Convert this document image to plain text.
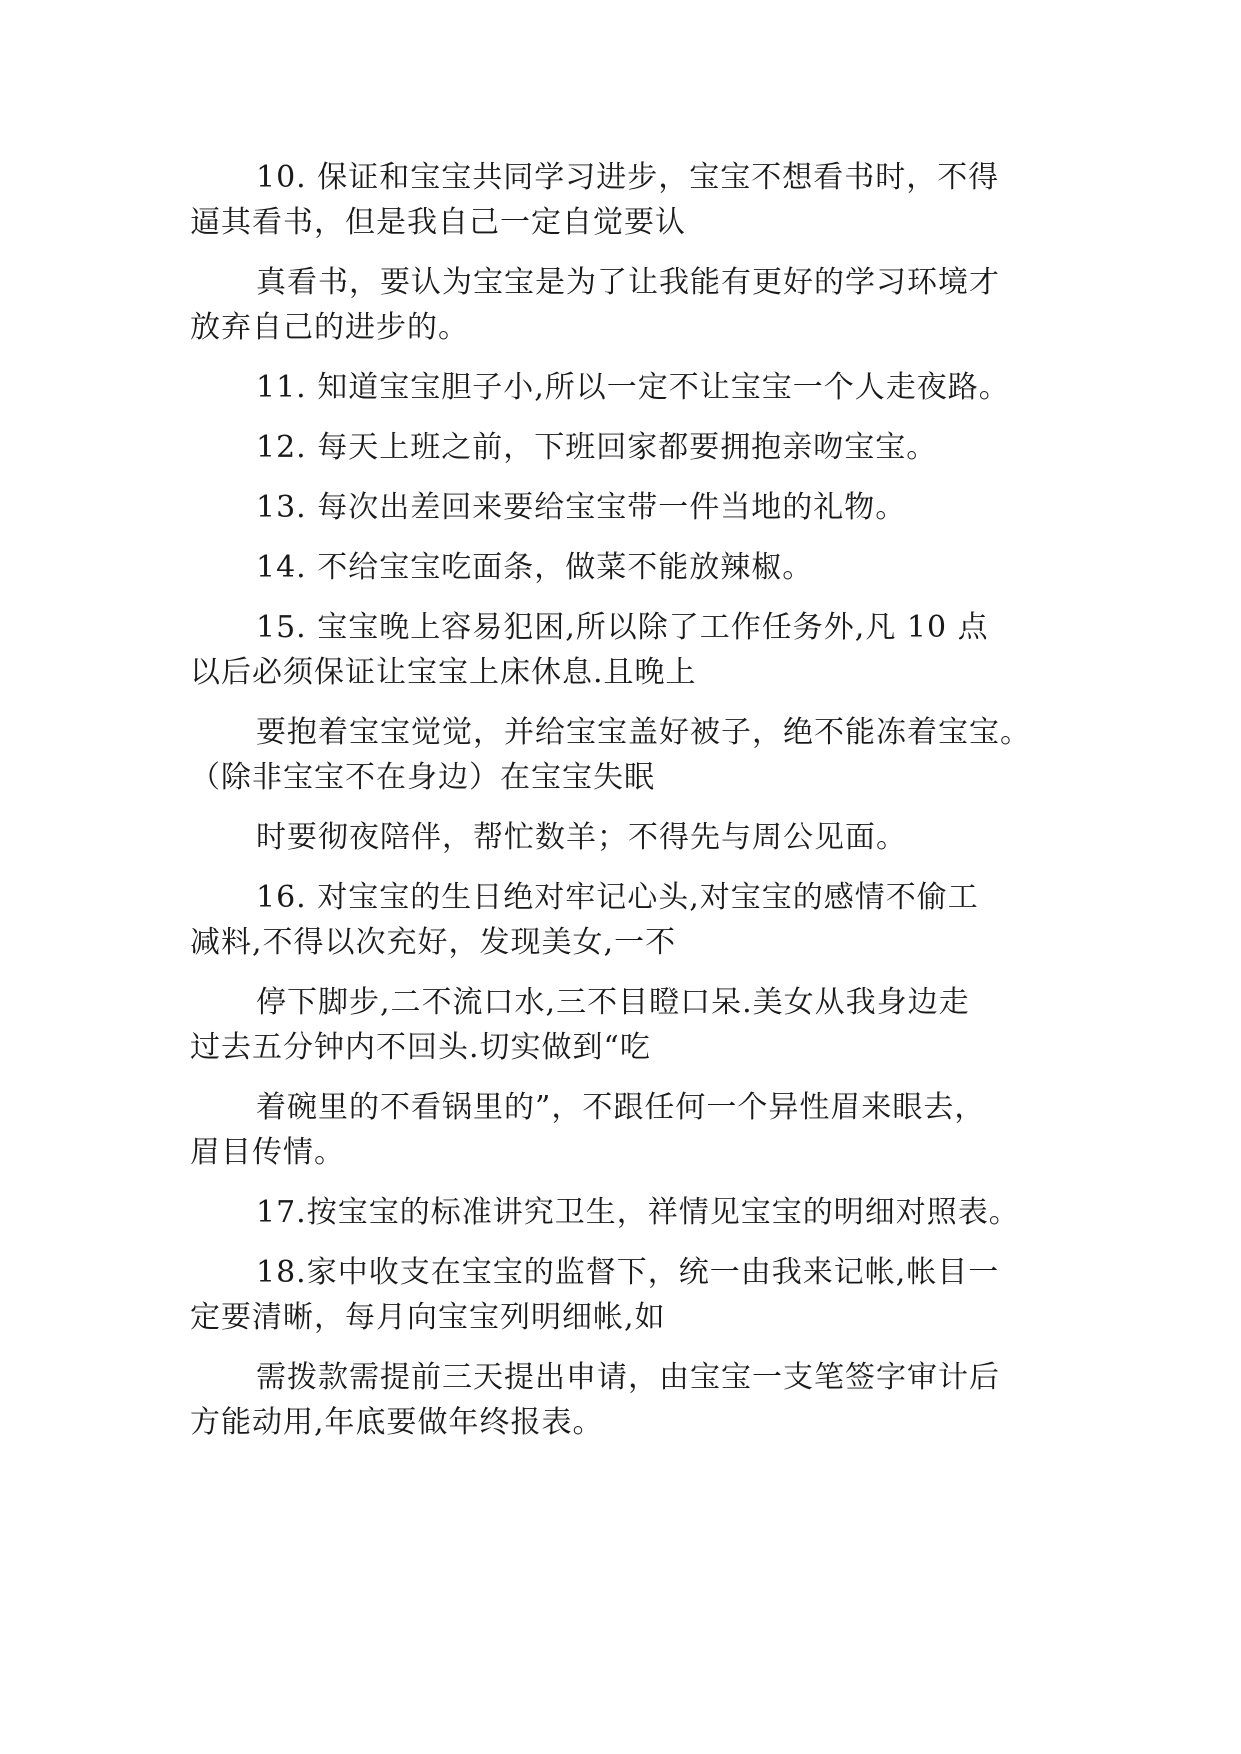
10. 保证和宝宝共同学习进步，宝宝不想看书时，不得
逼其看书，但是我自己一定自觉要认

真看书，要认为宝宝是为了让我能有更好的学习环境才
放弃自己的进步的。

11. 知道宝宝胆子小,所以一定不让宝宝一个人走夜路。

12. 每天上班之前，下班回家都要拥抱亲吻宝宝。

13. 每次出差回来要给宝宝带一件当地的礼物。

14. 不给宝宝吃面条，做菜不能放辣椒。

15. 宝宝晚上容易犯困,所以除了工作任务外,凡 10 点
以后必须保证让宝宝上床休息.且晚上

要抱着宝宝觉觉，并给宝宝盖好被子，绝不能冻着宝宝。
（除非宝宝不在身边）在宝宝失眠

时要彻夜陪伴，帮忙数羊；不得先与周公见面。

16. 对宝宝的生日绝对牢记心头,对宝宝的感情不偷工
减料,不得以次充好，发现美女,一不

停下脚步,二不流口水,三不目瞪口呆.美女从我身边走
过去五分钟内不回头.切实做到“吃

着碗里的不看锅里的”，不跟任何一个异性眉来眼去，
眉目传情。

17.按宝宝的标准讲究卫生，祥情见宝宝的明细对照表。

18.家中收支在宝宝的监督下，统一由我来记帐,帐目一
定要清晰，每月向宝宝列明细帐,如

需拨款需提前三天提出申请，由宝宝一支笔签字审计后
方能动用,年底要做年终报表。
